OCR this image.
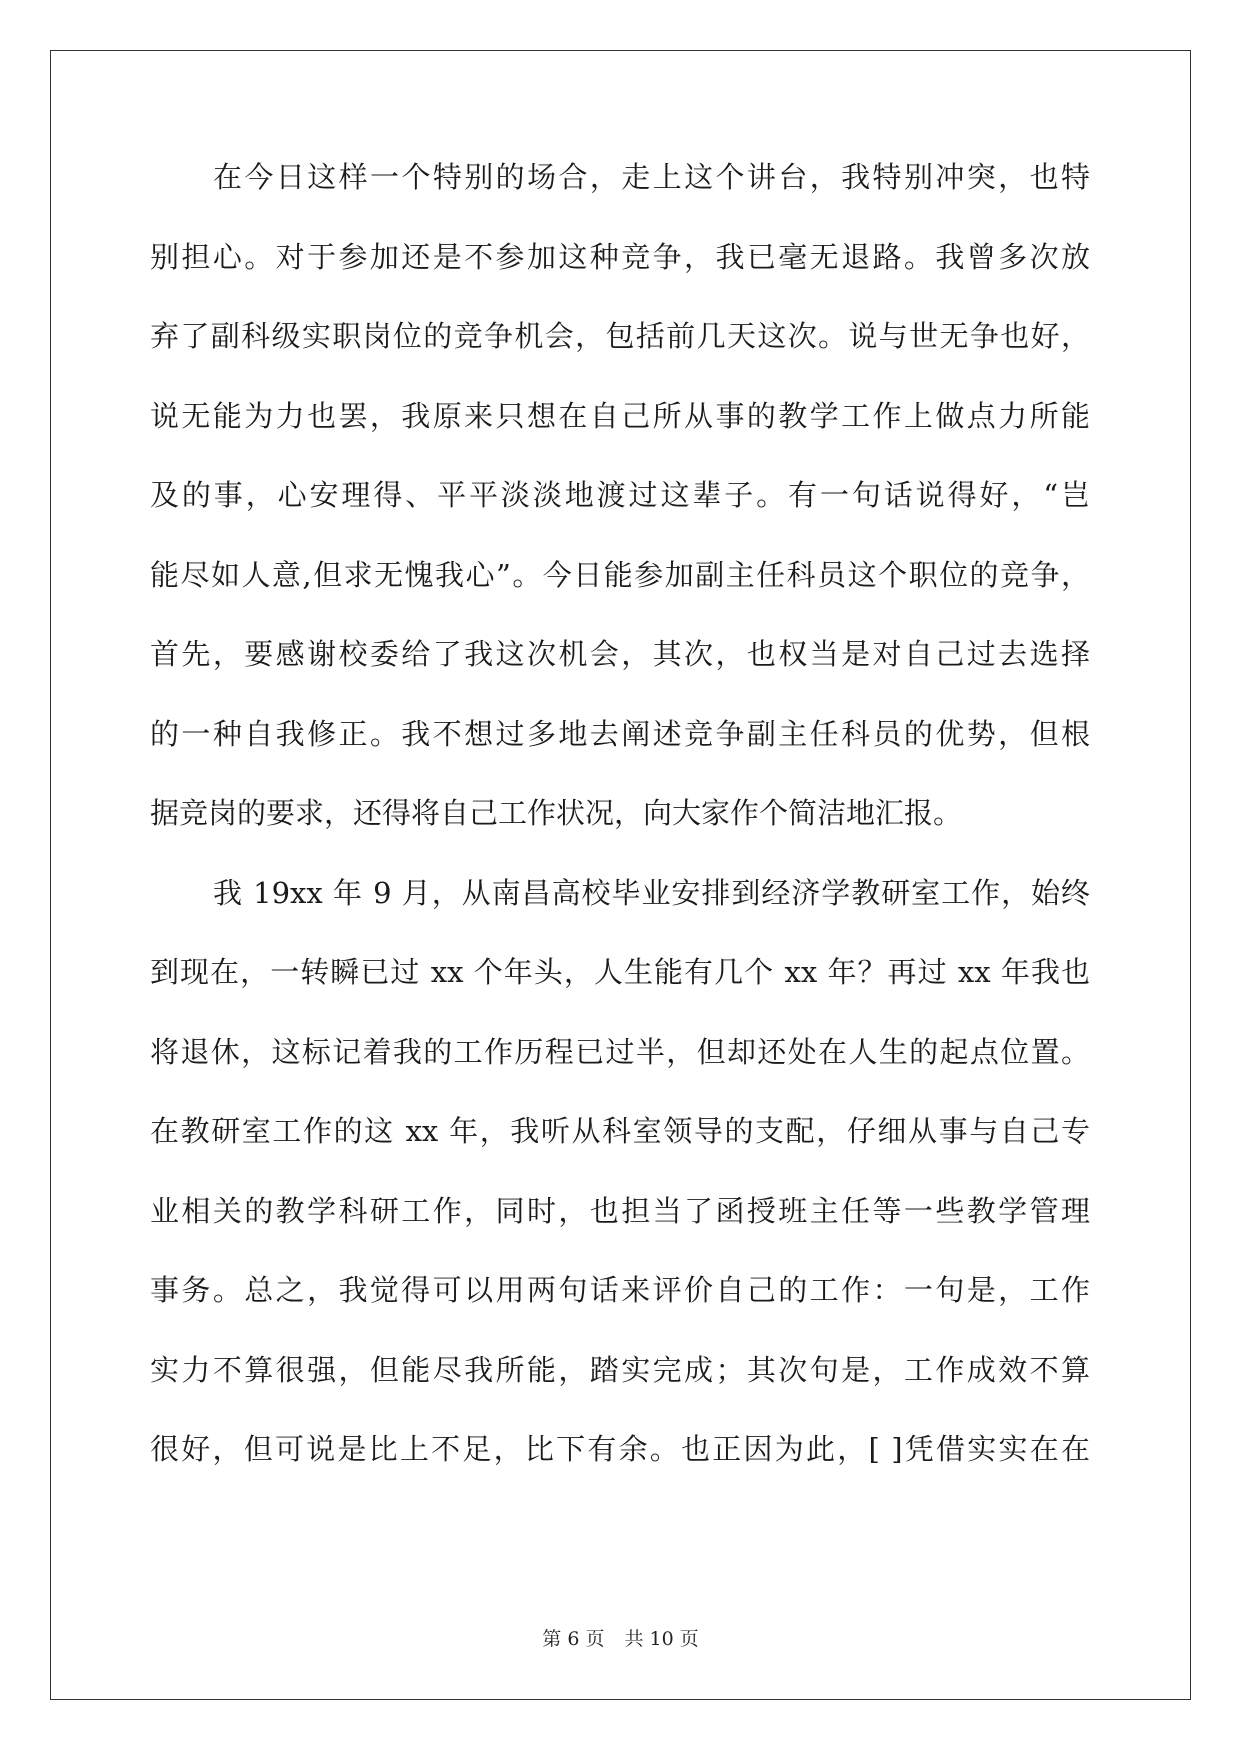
在今日这样一个特别的场合，走上这个讲台，我特别冲突，也特
别担心。对于参加还是不参加这种竞争，我已毫无退路。我曾多次放
弃了副科级实职岗位的竞争机会，包括前几天这次。说与世无争也好，
说无能为力也罢，我原来只想在自己所从事的教学工作上做点力所能
及的事，心安理得、平平淡淡地渡过这辈子。有一句话说得好，“岂
能尽如人意,但求无愧我心”。今日能参加副主任科员这个职位的竞争，
首先，要感谢校委给了我这次机会，其次，也权当是对自己过去选择
的一种自我修正。我不想过多地去阐述竞争副主任科员的优势，但根
据竞岗的要求，还得将自己工作状况，向大家作个简洁地汇报。
我 19xx 年 9 月，从南昌高校毕业安排到经济学教研室工作，始终
到现在，一转瞬已过 xx 个年头，人生能有几个 xx 年？再过 xx 年我也
将退休，这标记着我的工作历程已过半，但却还处在人生的起点位置。
在教研室工作的这 xx 年，我听从科室领导的支配，仔细从事与自己专
业相关的教学科研工作，同时，也担当了函授班主任等一些教学管理
事务。总之，我觉得可以用两句话来评价自己的工作：一句是，工作
实力不算很强，但能尽我所能，踏实完成；其次句是，工作成效不算
很好，但可说是比上不足，比下有余。也正因为此，[ ]凭借实实在在
第 6 页 共 10 页
